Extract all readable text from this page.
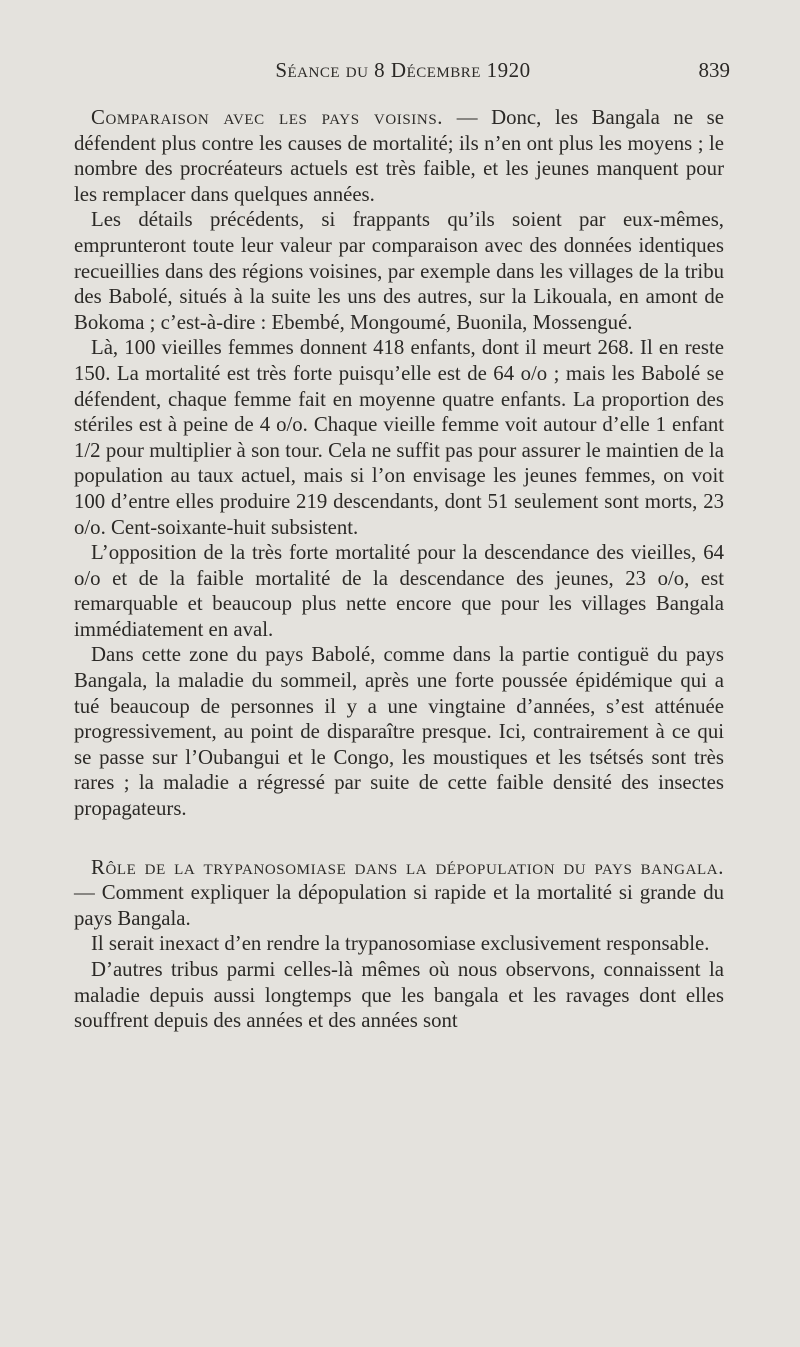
Séance du 8 Décembre 1920	839

Comparaison avec les pays voisins. — Donc, les Bangala ne se défendent plus contre les causes de mortalité; ils n’en ont plus les moyens ; le nombre des procréateurs actuels est très faible, et les jeunes manquent pour les remplacer dans quelques années.

Les détails précédents, si frappants qu’ils soient par eux-mêmes, emprunteront toute leur valeur par comparaison avec des données identiques recueillies dans des régions voisines, par exemple dans les villages de la tribu des Babolé, situés à la suite les uns des autres, sur la Likouala, en amont de Bokoma ; c’est-à-dire : Ebembé, Mongoumé, Buonila, Mossengué.

Là, 100 vieilles femmes donnent 418 enfants, dont il meurt 268. Il en reste 150. La mortalité est très forte puisqu’elle est de 64 o/o ; mais les Babolé se défendent, chaque femme fait en moyenne quatre enfants. La proportion des stériles est à peine de 4 o/o. Chaque vieille femme voit autour d’elle 1 enfant 1/2 pour multiplier à son tour. Cela ne suffit pas pour assurer le maintien de la population au taux actuel, mais si l’on envisage les jeunes femmes, on voit 100 d’entre elles produire 219 descendants, dont 51 seulement sont morts, 23 o/o. Cent-soixante-huit subsistent.

L’opposition de la très forte mortalité pour la descendance des vieilles, 64 o/o et de la faible mortalité de la descendance des jeunes, 23 o/o, est remarquable et beaucoup plus nette encore que pour les villages Bangala immédiatement en aval.

Dans cette zone du pays Babolé, comme dans la partie contiguë du pays Bangala, la maladie du sommeil, après une forte poussée épidémique qui a tué beaucoup de personnes il y a une vingtaine d’années, s’est atténuée progressivement, au point de disparaître presque. Ici, contrairement à ce qui se passe sur l’Oubangui et le Congo, les moustiques et les tsétsés sont très rares ; la maladie a régressé par suite de cette faible densité des insectes propagateurs.

Rôle de la trypanosomiase dans la dépopulation du pays bangala. — Comment expliquer la dépopulation si rapide et la mortalité si grande du pays Bangala.

Il serait inexact d’en rendre la trypanosomiase exclusivement responsable.

D’autres tribus parmi celles-là mêmes où nous observons, connaissent la maladie depuis aussi longtemps que les bangala et les ravages dont elles souffrent depuis des années et des années sont
